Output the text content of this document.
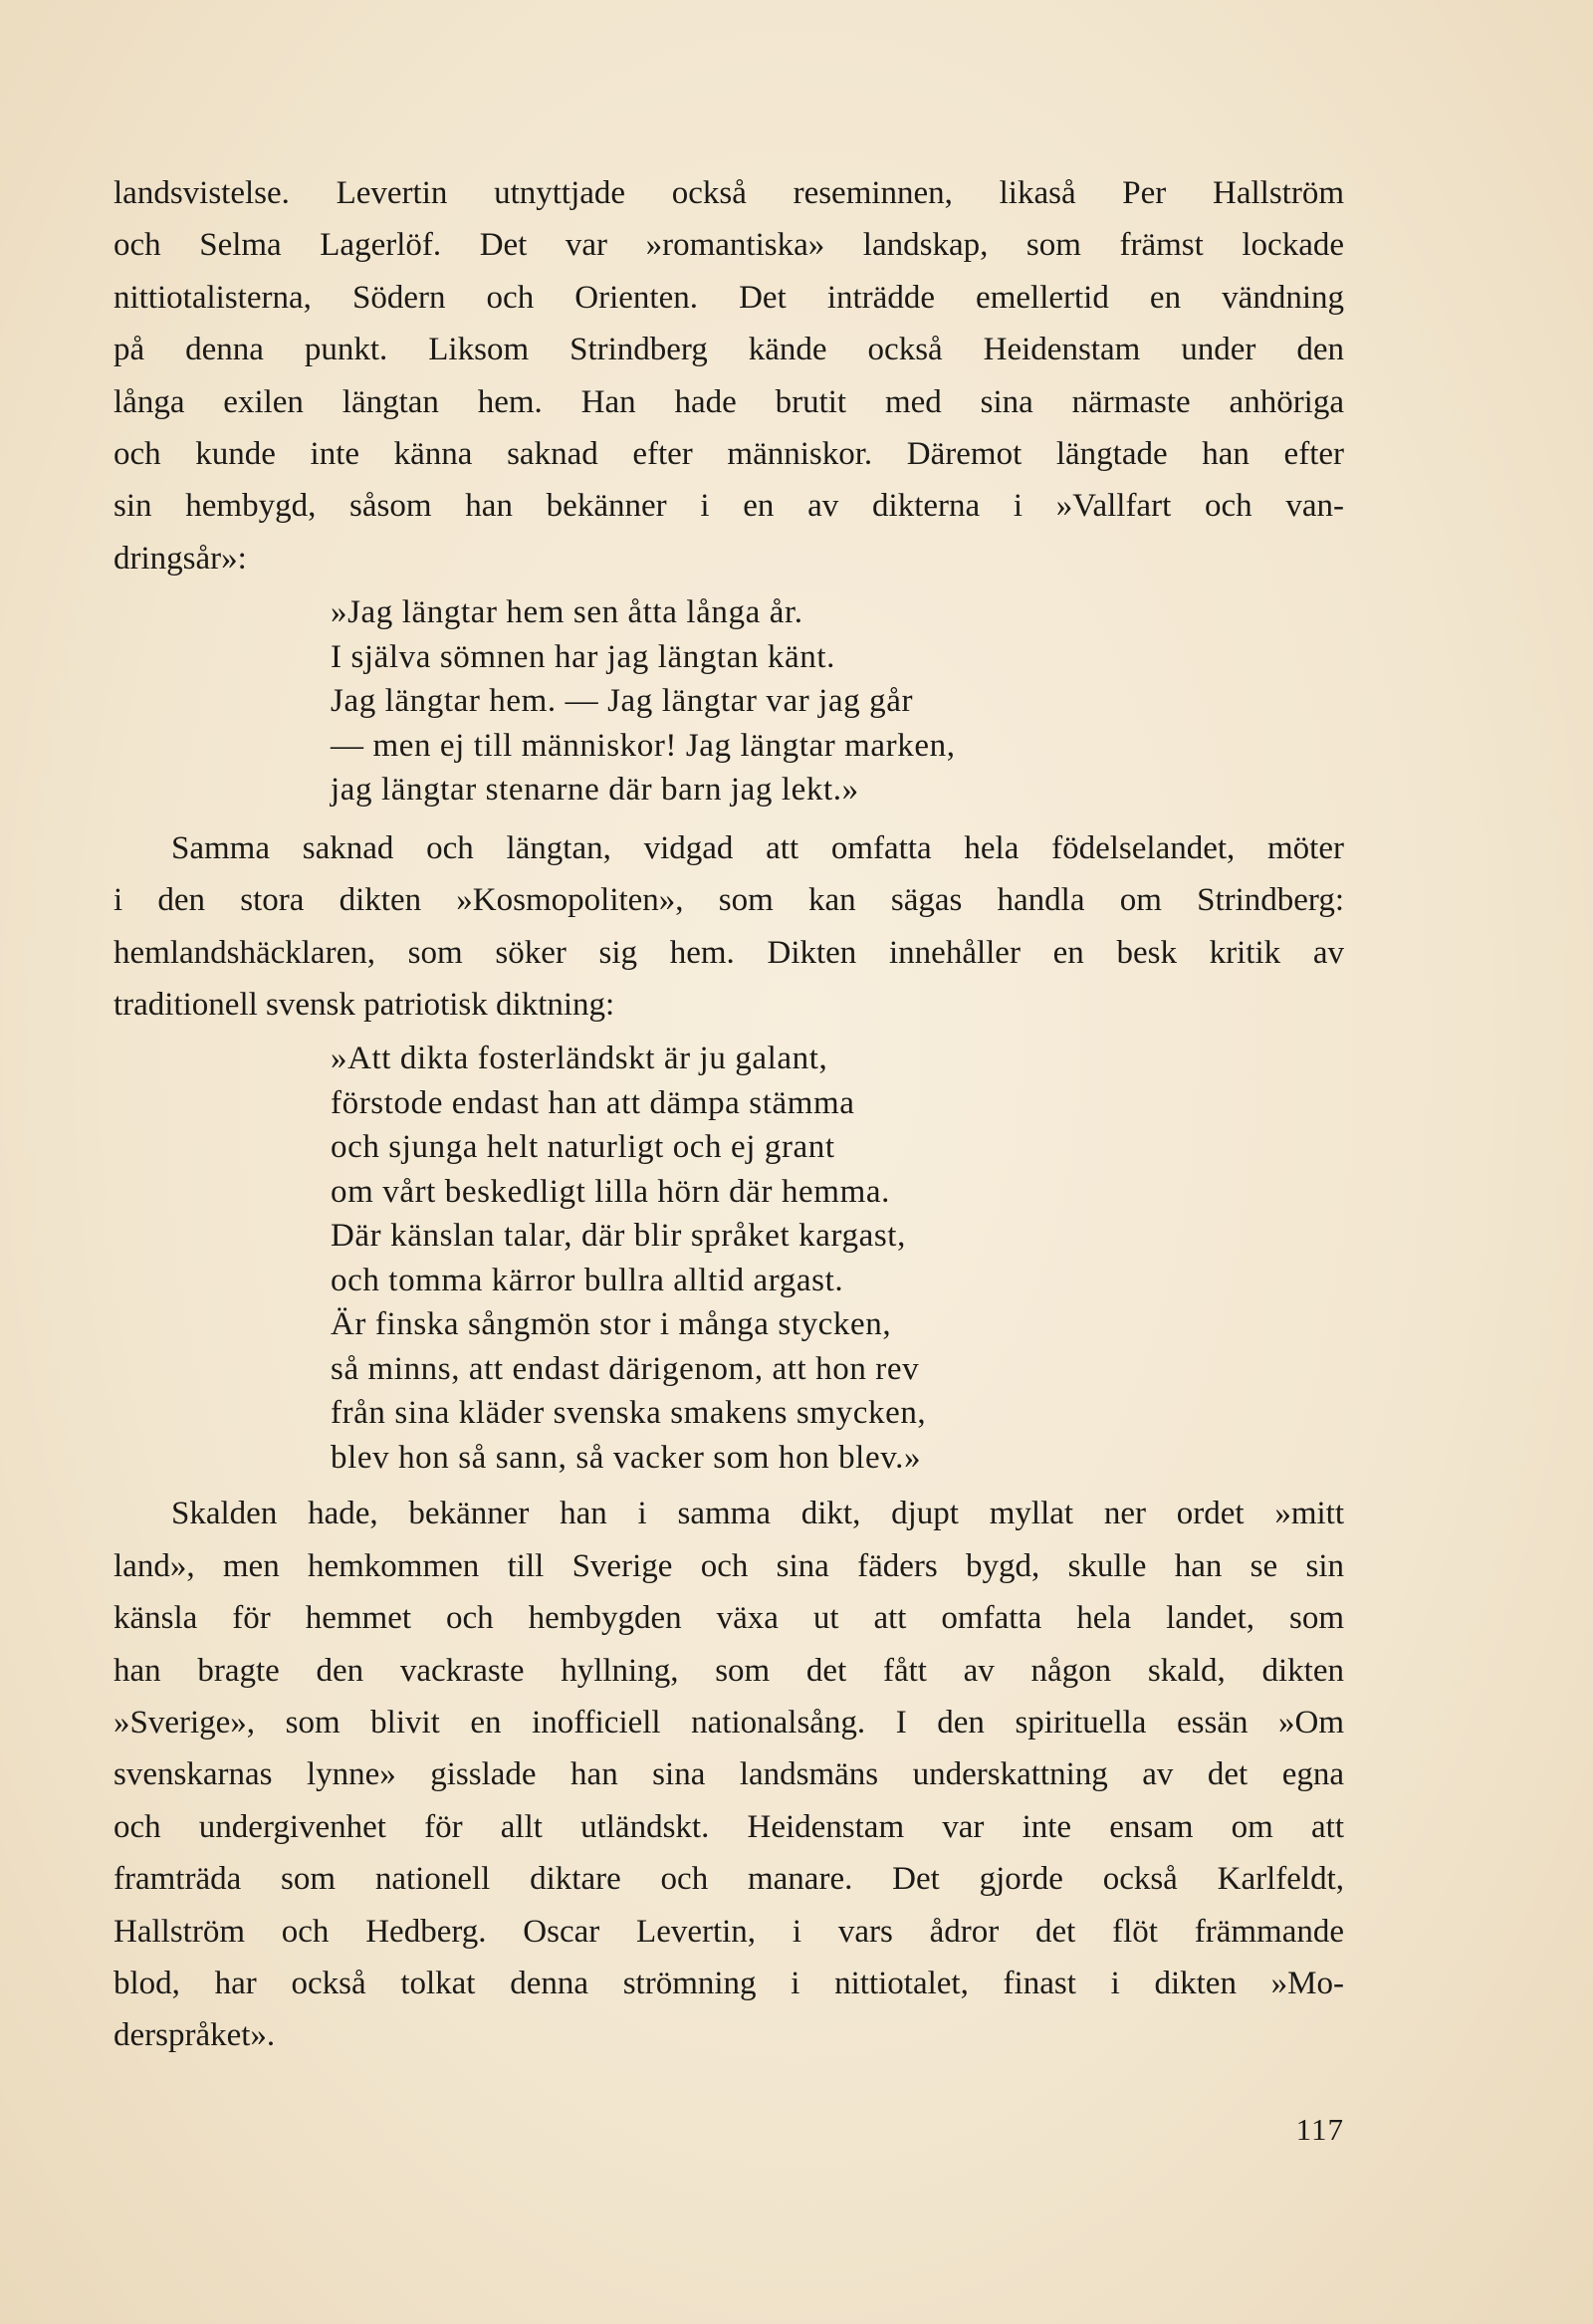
landsvistelse. Levertin utnyttjade också reseminnen, likaså Per Hallström
och Selma Lagerlöf. Det var »romantiska» landskap, som främst lockade
nittiotalisterna, Södern och Orienten. Det inträdde emellertid en vändning
på denna punkt. Liksom Strindberg kände också Heidenstam under den
långa exilen längtan hem. Han hade brutit med sina närmaste anhöriga
och kunde inte känna saknad efter människor. Däremot längtade han efter
sin hembygd, såsom han bekänner i en av dikterna i »Vallfart och van-
dringsår»:
»Jag längtar hem sen åtta långa år.
I själva sömnen har jag längtan känt.
Jag längtar hem. — Jag längtar var jag går
— men ej till människor! Jag längtar marken,
jag längtar stenarne där barn jag lekt.»
Samma saknad och längtan, vidgad att omfatta hela födelselandet, möter
i den stora dikten »Kosmopoliten», som kan sägas handla om Strindberg:
hemlandshäcklaren, som söker sig hem. Dikten innehåller en besk kritik av
traditionell svensk patriotisk diktning:
»Att dikta fosterländskt är ju galant,
förstode endast han att dämpa stämma
och sjunga helt naturligt och ej grant
om vårt beskedligt lilla hörn där hemma.
Där känslan talar, där blir språket kargast,
och tomma kärror bullra alltid argast.
Är finska sångmön stor i många stycken,
så minns, att endast därigenom, att hon rev
från sina kläder svenska smakens smycken,
blev hon så sann, så vacker som hon blev.»
Skalden hade, bekänner han i samma dikt, djupt myllat ner ordet »mitt
land», men hemkommen till Sverige och sina fäders bygd, skulle han se sin
känsla för hemmet och hembygden växa ut att omfatta hela landet, som
han bragte den vackraste hyllning, som det fått av någon skald, dikten
»Sverige», som blivit en inofficiell nationalsång. I den spirituella essän »Om
svenskarnas lynne» gisslade han sina landsmäns underskattning av det egna
och undergivenhet för allt utländskt. Heidenstam var inte ensam om att
framträda som nationell diktare och manare. Det gjorde också Karlfeldt,
Hallström och Hedberg. Oscar Levertin, i vars ådror det flöt främmande
blod, har också tolkat denna strömning i nittiotalet, finast i dikten »Mo-
derspråket».
117
